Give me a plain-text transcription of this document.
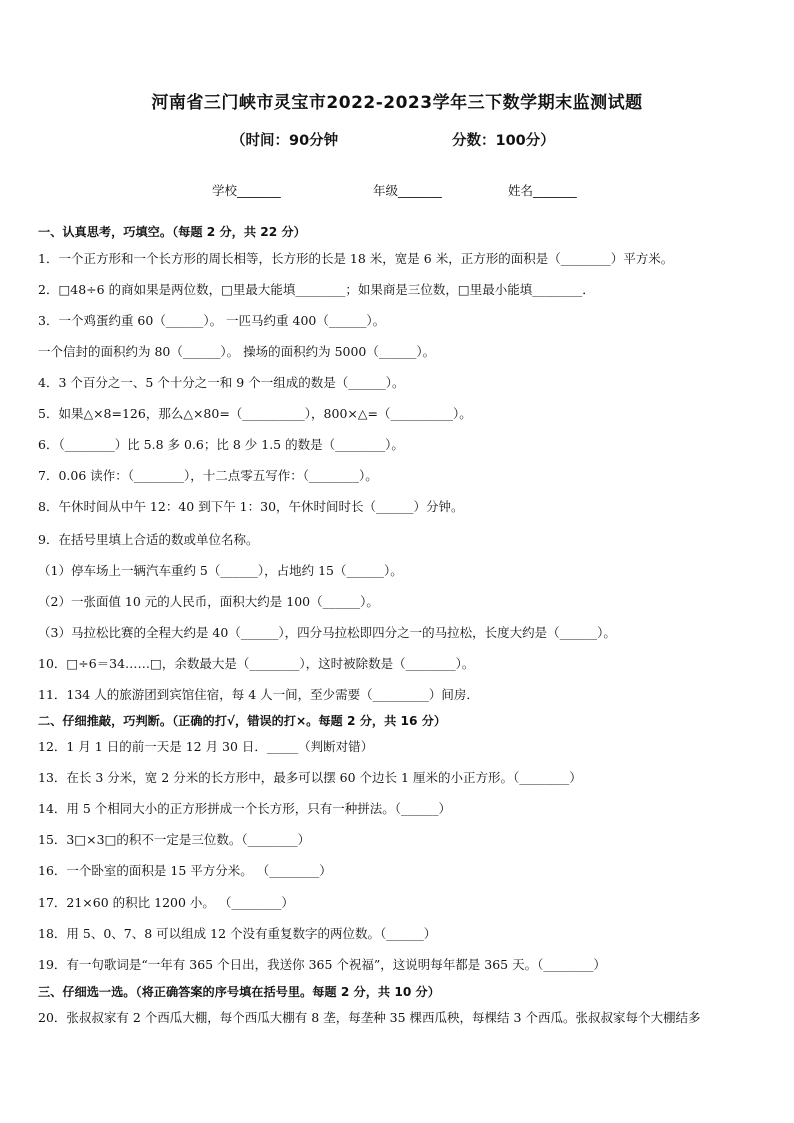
河南省三门峡市灵宝市2022-2023学年三下数学期末监测试题
（时间：90分钟	分数：100分）
学校_______	年级_______	姓名_______
一、认真思考，巧填空。（每题 2 分，共 22 分）
1．一个正方形和一个长方形的周长相等，长方形的长是 18 米，宽是 6 米，正方形的面积是（________）平方米。
2．□48÷6 的商如果是两位数，□里最大能填________；如果商是三位数，□里最小能填________．
3．一个鸡蛋约重 60（______）。 一匹马约重 400（______）。
一个信封的面积约为 80（______）。 操场的面积约为 5000（______）。
4．3 个百分之一、5 个十分之一和 9 个一组成的数是（______）。
5．如果△×8=126，那么△×80=（__________），800×△=（__________）。
6．（________）比 5.8 多 0.6；比 8 少 1.5 的数是（________）。
7．0.06 读作：（________），十二点零五写作：（________）。
8．午休时间从中午 12：40 到下午 1：30，午休时间时长（______）分钟。
9．在括号里填上合适的数或单位名称。
（1）停车场上一辆汽车重约 5（______），占地约 15（______）。
（2）一张面值 10 元的人民币，面积大约是 100（______）。
（3）马拉松比赛的全程大约是 40（______），四分马拉松即四分之一的马拉松，长度大约是（______）。
10．□÷6＝34……□，余数最大是（________），这时被除数是（________）。
11．134 人的旅游团到宾馆住宿，每 4 人一间，至少需要（_________）间房．
二、仔细推敲，巧判断。（正确的打√，错误的打×。每题 2 分，共 16 分）
12．1 月 1 日的前一天是 12 月 30 日．_____（判断对错）
13．在长 3 分米，宽 2 分米的长方形中，最多可以摆 60 个边长 1 厘米的小正方形。（________）
14．用 5 个相同大小的正方形拼成一个长方形，只有一种拼法。（______）
15．3□×3□的积不一定是三位数。（________）
16．一个卧室的面积是 15 平方分米。 （________）
17．21×60 的积比 1200 小。 （________）
18．用 5、0、7、8 可以组成 12 个没有重复数字的两位数。（______）
19．有一句歌词是“一年有 365 个日出，我送你 365 个祝福”，这说明每年都是 365 天。（________）
三、仔细选一选。（将正确答案的序号填在括号里。每题 2 分，共 10 分）
20．张叔叔家有 2 个西瓜大棚，每个西瓜大棚有 8 垄，每垄种 35 棵西瓜秧，每棵结 3 个西瓜。张叔叔家每个大棚结多
